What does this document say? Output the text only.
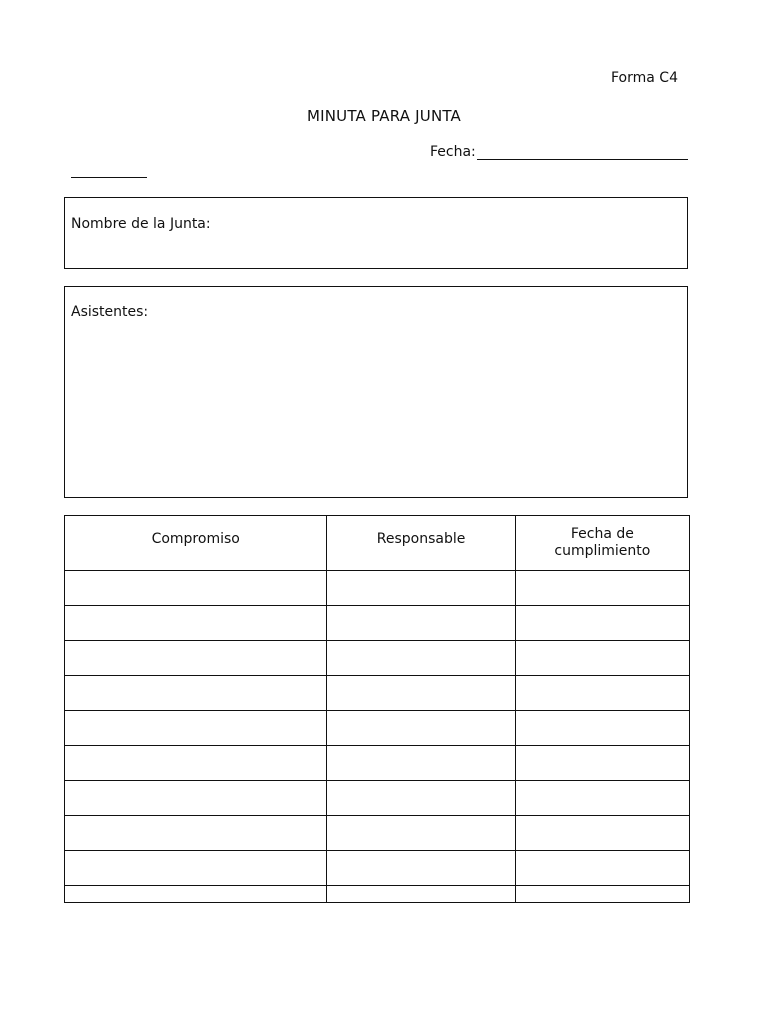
Forma C4
MINUTA PARA JUNTA
Fecha:
Nombre de la Junta:
Asistentes:
Compromiso	Responsable	Fecha de cumplimiento
